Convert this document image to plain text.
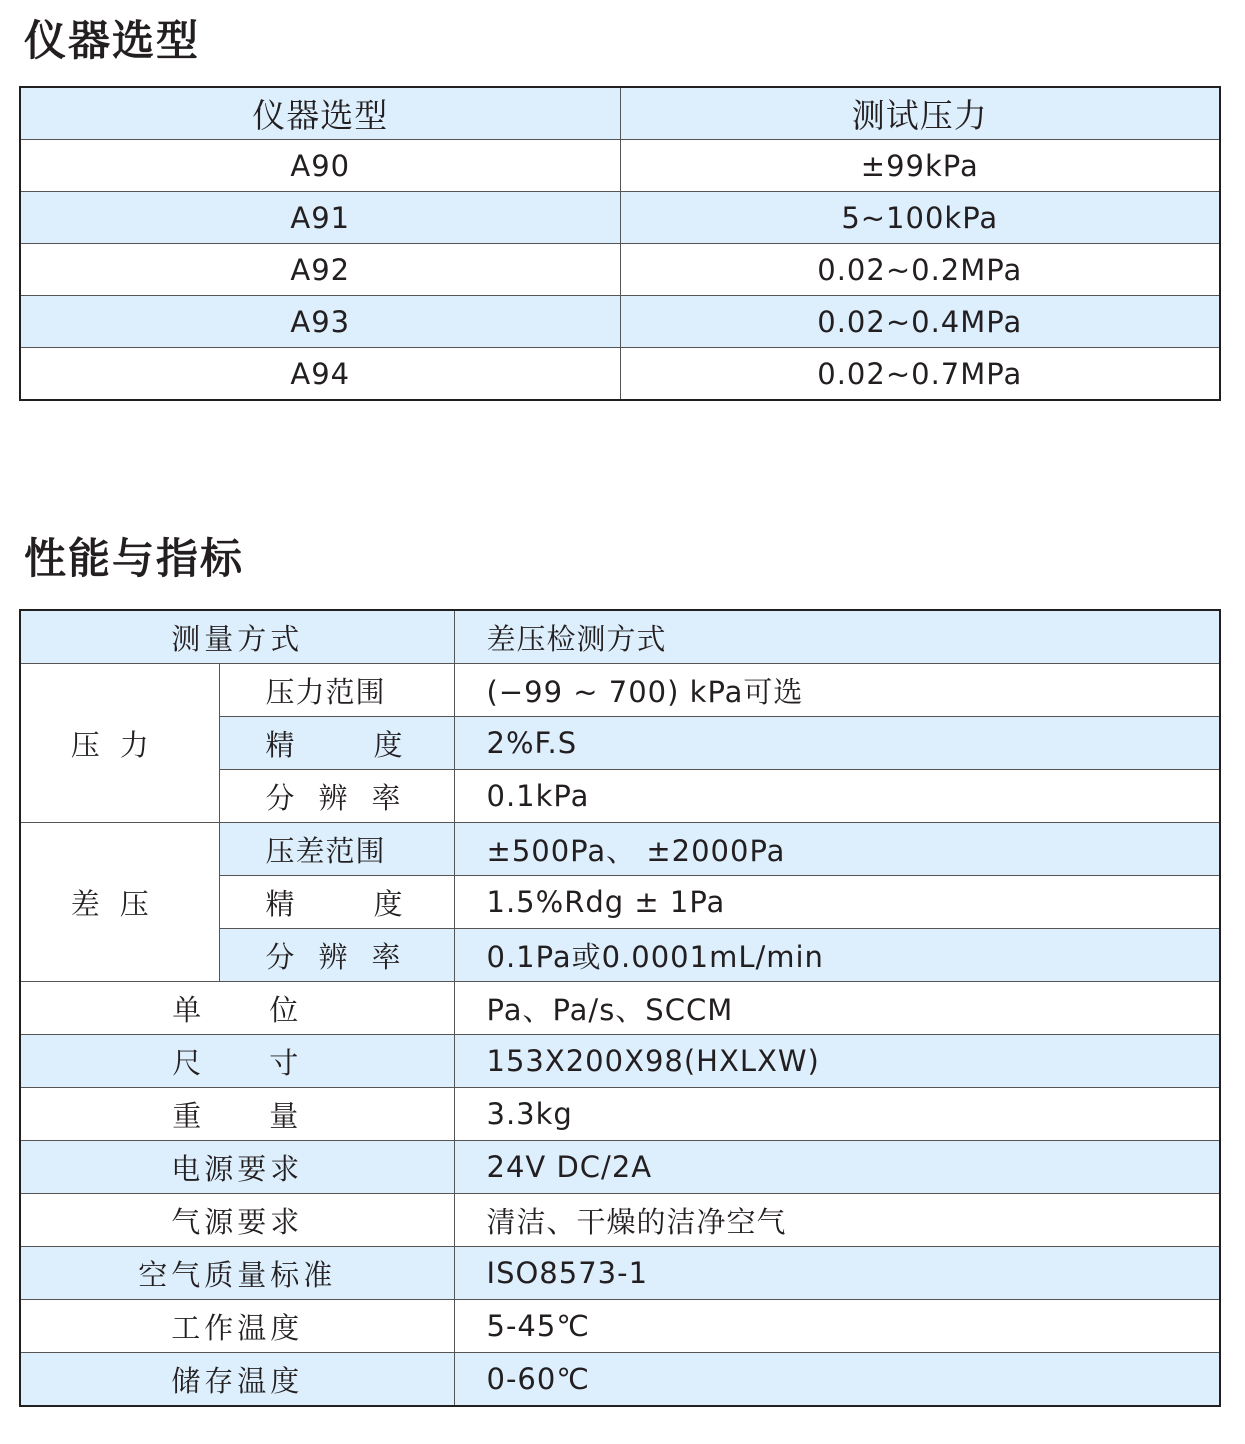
仪器选型
仪器选型	测试压力
A90	±99kPa
A91	5~100kPa
A92	0.02~0.2MPa
A93	0.02~0.4MPa
A94	0.02~0.7MPa
性能与指标
测量方式		差压检测方式
压力	压力范围	(−99 ~ 700) kPa可选

	精 度	2%F.S

	分 辨 率	0.1kPa
差压	压差范围	±500Pa、 ±2000Pa

	精 度	1.5%Rdg ± 1Pa

	分 辨 率	0.1Pa或0.0001mL/min

单 位		Pa、Pa/s、SCCM

尺 寸		153X200X98(HXLXW)

重 量		3.3kg
电源要求		24V DC/2A
气源要求		清洁、干燥的洁净空气
空气质量标准		ISO8573-1
工作温度		5-45℃
储存温度		0-60℃
